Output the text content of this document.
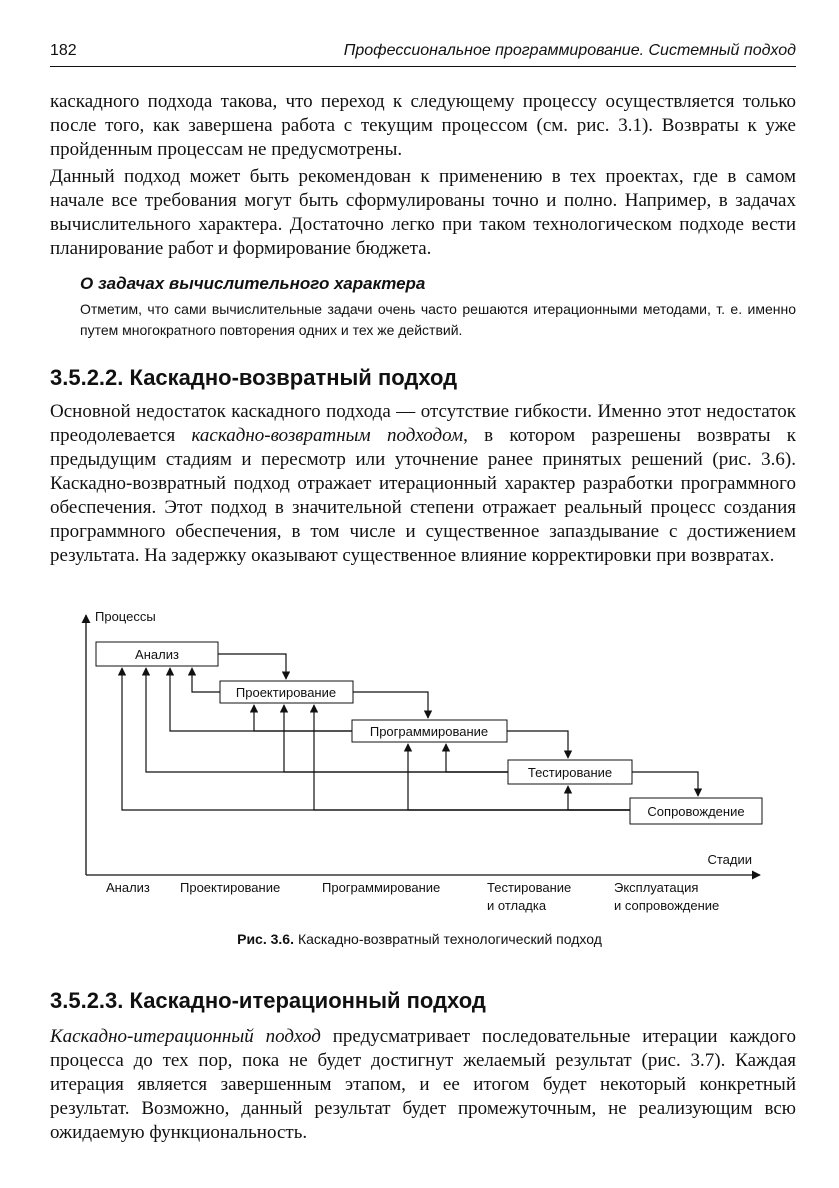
182	Профессиональное программирование. Системный подход
каскадного подхода такова, что переход к следующему процессу осуществляется только после того, как завершена работа с текущим процессом (см. рис. 3.1). Возвраты к уже пройденным процессам не предусмотрены.
Данный подход может быть рекомендован к применению в тех проектах, где в самом начале все требования могут быть сформулированы точно и полно. Например, в задачах вычислительного характера. Достаточно легко при таком технологическом подходе вести планирование работ и формирование бюджета.
О задачах вычислительного характера
Отметим, что сами вычислительные задачи очень часто решаются итерационными методами, т. е. именно путем многократного повторения одних и тех же действий.
3.5.2.2. Каскадно-возвратный подход
Основной недостаток каскадного подхода — отсутствие гибкости. Именно этот недостаток преодолевается каскадно-возвратным подходом, в котором разрешены возвраты к предыдущим стадиям и пересмотр или уточнение ранее принятых решений (рис. 3.6). Каскадно-возвратный подход отражает итерационный характер разработки программного обеспечения. Этот подход в значительной степени отражает реальный процесс создания программного обеспечения, в том числе и существенное запаздывание с достижением результата. На задержку оказывают существенное влияние корректировки при возвратах.
Процессы
Стадии
Анализ
Проектирование
Программирование
Тестирование
Сопровождение
Анализ Проектирование	Программирование	Тестирование
и отладка
Эксплуатация
и сопровождение
Рис. 3.6. Каскадно-возвратный технологический подход
3.5.2.3. Каскадно-итерационный подход
Каскадно-итерационный подход предусматривает последовательные итерации каждого процесса до тех пор, пока не будет достигнут желаемый результат (рис. 3.7). Каждая итерация является завершенным этапом, и ее итогом будет некоторый конкретный результат. Возможно, данный результат будет промежуточным, не реализующим всю ожидаемую функциональность.
